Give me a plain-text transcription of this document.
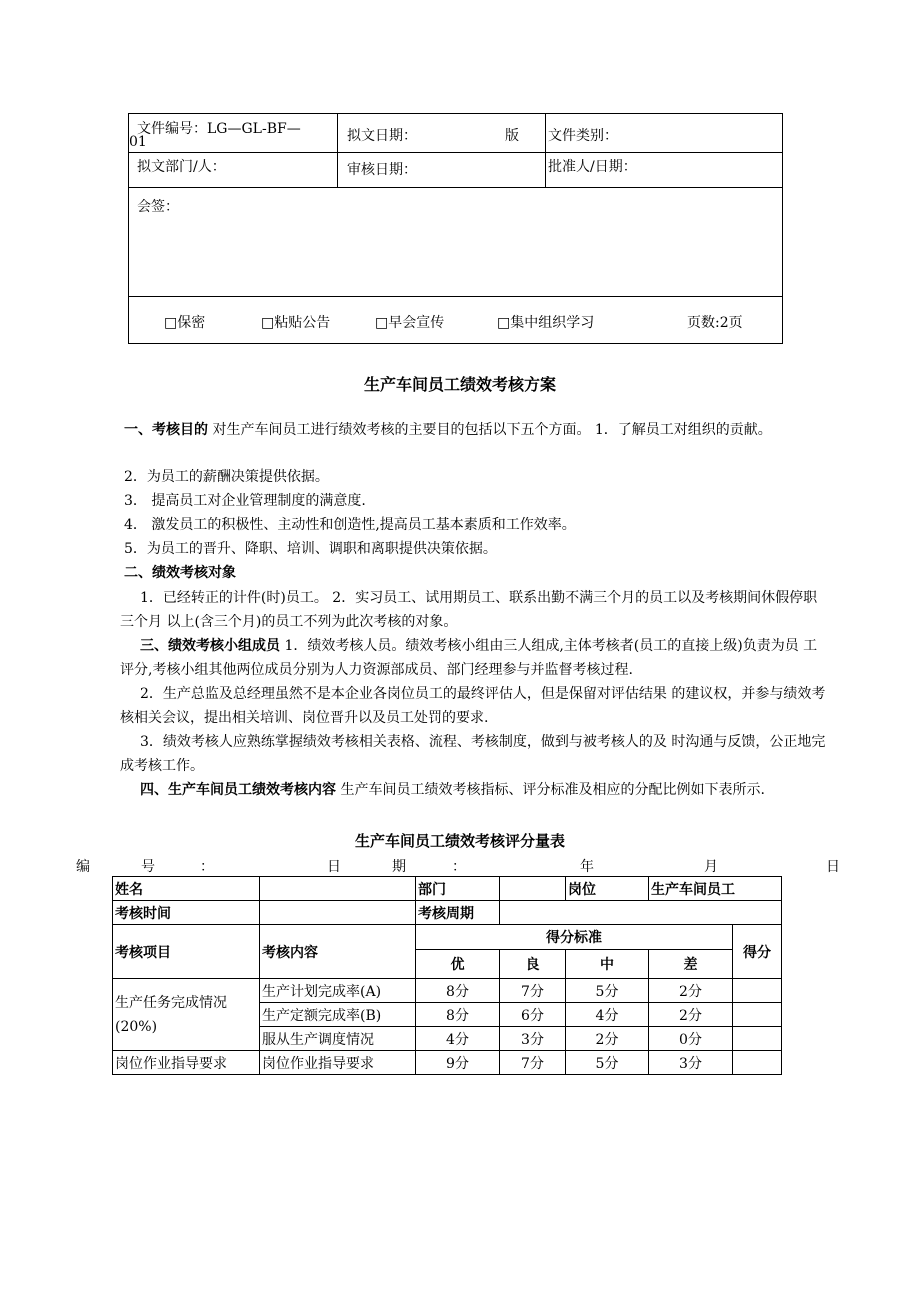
文件编号：LG—GL-BF—
01	拟文日期：	版 文件类别：
拟文部门/人：	审核日期：	批准人/日期：
会签：
□保密	□粘贴公告	□早会宣传	□集中组织学习	页数:2页
生产车间员工绩效考核方案
一、考核目的 对生产车间员工进行绩效考核的主要目的包括以下五个方面。 1．了解员工对组织的贡献。
2．为员工的薪酬决策提供依据。
3． 提高员工对企业管理制度的满意度.
4． 激发员工的积极性、主动性和创造性,提高员工基本素质和工作效率。
5．为员工的晋升、降职、培训、调职和离职提供决策依据。
二、绩效考核对象
1．已经转正的计件(时)员工。 2．实习员工、试用期员工、联系出勤不满三个月的员工以及考核期间休假停职三个月 以上(含三个月)的员工不列为此次考核的对象。
三、绩效考核小组成员 1．绩效考核人员。绩效考核小组由三人组成,主体考核者(员工的直接上级)负责为员 工评分,考核小组其他两位成员分别为人力资源部成员、部门经理参与并监督考核过程.
2．生产总监及总经理虽然不是本企业各岗位员工的最终评估人，但是保留对评估结果 的建议权，并参与绩效考核相关会议，提出相关培训、岗位晋升以及员工处罚的要求.
3．绩效考核人应熟练掌握绩效考核相关表格、流程、考核制度，做到与被考核人的及 时沟通与反馈，公正地完成考核工作。
四、生产车间员工绩效考核内容 生产车间员工绩效考核指标、评分标准及相应的分配比例如下表所示.
生产车间员工绩效考核评分量表
编	号	：	日	期	：	年	月	日
姓名		部门		岗位	生产车间员工	
考核时间		考核周期				
考核项目	考核内容	得分标准				得分
		优	良	中	差	
生产任务完成情况
(20%)	生产计划完成率(A)	8分	7分	5分	2分	
	生产定额完成率(B)	8分	6分	4分	2分	
	服从生产调度情况	4分	3分	2分	0分	
岗位作业指导要求	岗位作业指导要求	9分	7分	5分	3分	
